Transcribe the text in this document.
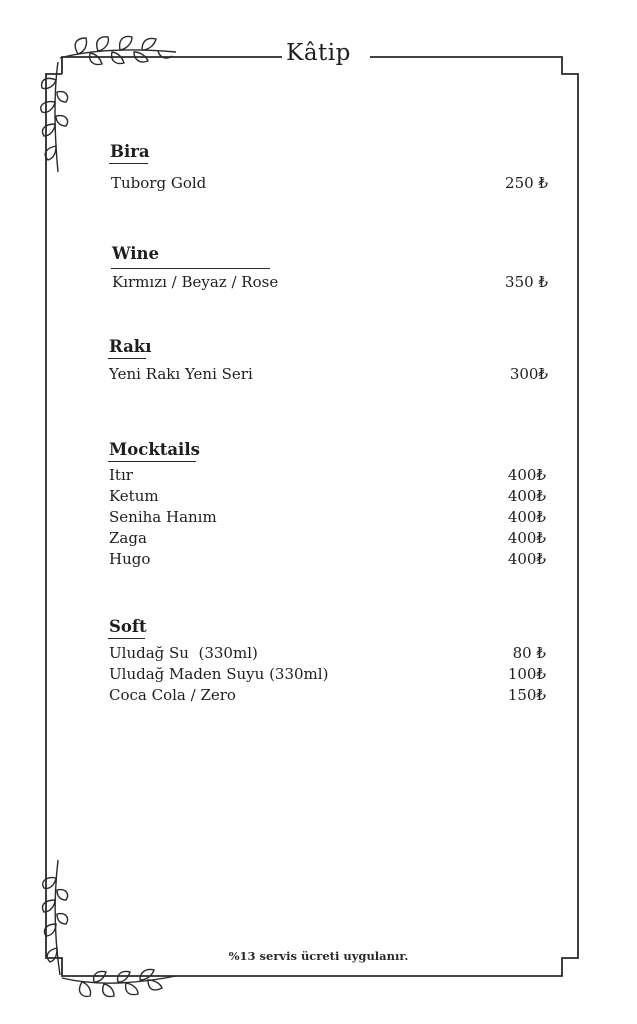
Kâtip
Bira
Tuborg Gold	250 ₺
Wine
Kırmızı / Beyaz / Rose	350 ₺
Rakı
Yeni Rakı Yeni Seri	300₺
Mocktails
Itır	400₺
Ketum	400₺
Seniha Hanım	400₺
Zaga	400₺
Hugo	400₺
Soft
Uludağ Su  (330ml)	80 ₺
Uludağ Maden Suyu (330ml)	100₺
Coca Cola / Zero	150₺
%13 servis ücreti uygulanır.
